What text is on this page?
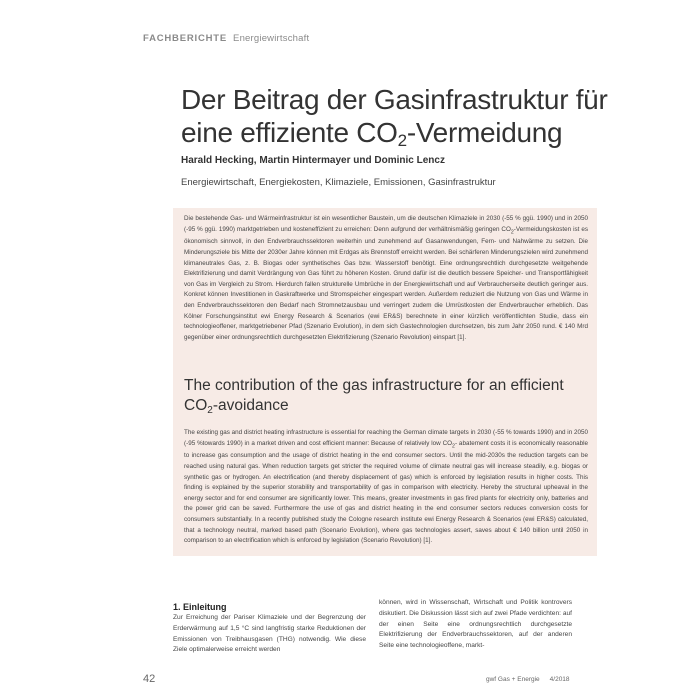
FACHBERICHTE Energiewirtschaft
Der Beitrag der Gasinfrastruktur für
eine effiziente $CO_2$-Vermeidung
Harald Hecking, Martin Hintermayer und Dominic Lencz
Energiewirtschaft, Energiekosten, Klimaziele, Emissionen, Gasinfrastruktur

Die bestehende Gas- und Wärmeinfrastruktur ist ein wesentlicher Baustein, um die deutschen Klimaziele in 2030 (-55 % ggü. 1990) und in 2050 (-95 % ggü. 1990) marktgetrieben und kosteneffizient zu erreichen: Denn aufgrund der verhältnismäßig geringen $CO_2$-Vermeidungskosten ist es ökonomisch sinnvoll, in den Endverbrauchssektoren weiterhin und zunehmend auf Gasanwendungen, Fern- und Nahwärme zu setzen. Die Minderungsziele bis Mitte der 2030er Jahre können mit Erdgas als Brennstoff erreicht werden. Bei schärferen Minderungszielen wird zunehmend klimaneutrales Gas, z. B. Biogas oder synthetisches Gas bzw. Wasserstoff benötigt. Eine ordnungsrechtlich durchgesetzte weitgehende Elektrifizierung und damit Verdrängung von Gas führt zu höheren Kosten. Grund dafür ist die deutlich bessere Speicher- und Transportfähigkeit von Gas im Vergleich zu Strom. Hierdurch fallen strukturelle Umbrüche in der Energiewirtschaft und auf Verbraucherseite deutlich geringer aus. Konkret können Investitionen in Gaskraftwerke und Stromspeicher eingespart werden. Außerdem reduziert die Nutzung von Gas und Wärme in den Endverbrauchssektoren den Bedarf nach Stromnetzausbau und verringert zudem die Umrüstkosten der Endverbraucher erheblich. Das Kölner Forschungsinstitut ewi Energy Research & Scenarios (ewi ER&S) berechnete in einer kürzlich veröffentlichten Studie, dass ein technologieoffener, marktgetriebener Pfad (Szenario Evolution), in dem sich Gastechnologien durchsetzen, bis zum Jahr 2050 rund. € 140 Mrd gegenüber einer ordnungsrechtlich durchgesetzten Elektrifizierung (Szenario Revolution) einspart [1].

The contribution of the gas infrastructure for an efficient
$CO_2$-avoidance

The existing gas and district heating infrastructure is essential for reaching the German climate targets in 2030 (-55 % towards 1990) and in 2050 (-95 %towards 1990) in a market driven and cost efficient manner: Because of relatively low $CO_2-$ abatement costs it is economically reasonable to increase gas consumption and the usage of district heating in the end consumer sectors. Until the mid-2030s the reduction targets can be reached using natural gas. When reduction targets get stricter the required volume of climate neutral gas will increase steadily, e.g. biogas or synthetic gas or hydrogen. An electrification (and thereby displacement of gas) which is enforced by legislation results in higher costs. This finding is explained by the superior storability and transportability of gas in comparison with electricity. Hereby the structural upheaval in the energy sector and for end consumer are significantly lower. This means, greater investments in gas fired plants for electricity only, batteries and the power grid can be saved. Furthermore the use of gas and district heating in the end consumer sectors reduces conversion costs for consumers substantially. In a recently published study the Cologne research institute ewi Energy Research & Scenarios (ewi ER&S) calculated, that a technology neutral, marked based path (Scenario Evolution), where gas technologies assert, saves about € 140 billion until 2050 in comparison to an electrification which is enforced by legislation (Scenario Revolution) [1].

1. Einleitung

Zur Erreichung der Pariser Klimaziele und der Begrenzung der Erderwärmung auf 1,5 °C sind langfristig starke Reduktionen der Emissionen von Treibhausgasen (THG) notwendig. Wie diese Ziele optimalerweise erreicht werden

können, wird in Wissenschaft, Wirtschaft und Politik kontrovers diskutiert. Die Diskussion lässt sich auf zwei Pfade verdichten: auf der einen Seite eine ordnungsrechtlich durchgesetzte Elektrifizierung der Endverbrauchssektoren, auf der anderen Seite eine technologieoffene, markt-

42	gwf Gas + Energie 4/2018
